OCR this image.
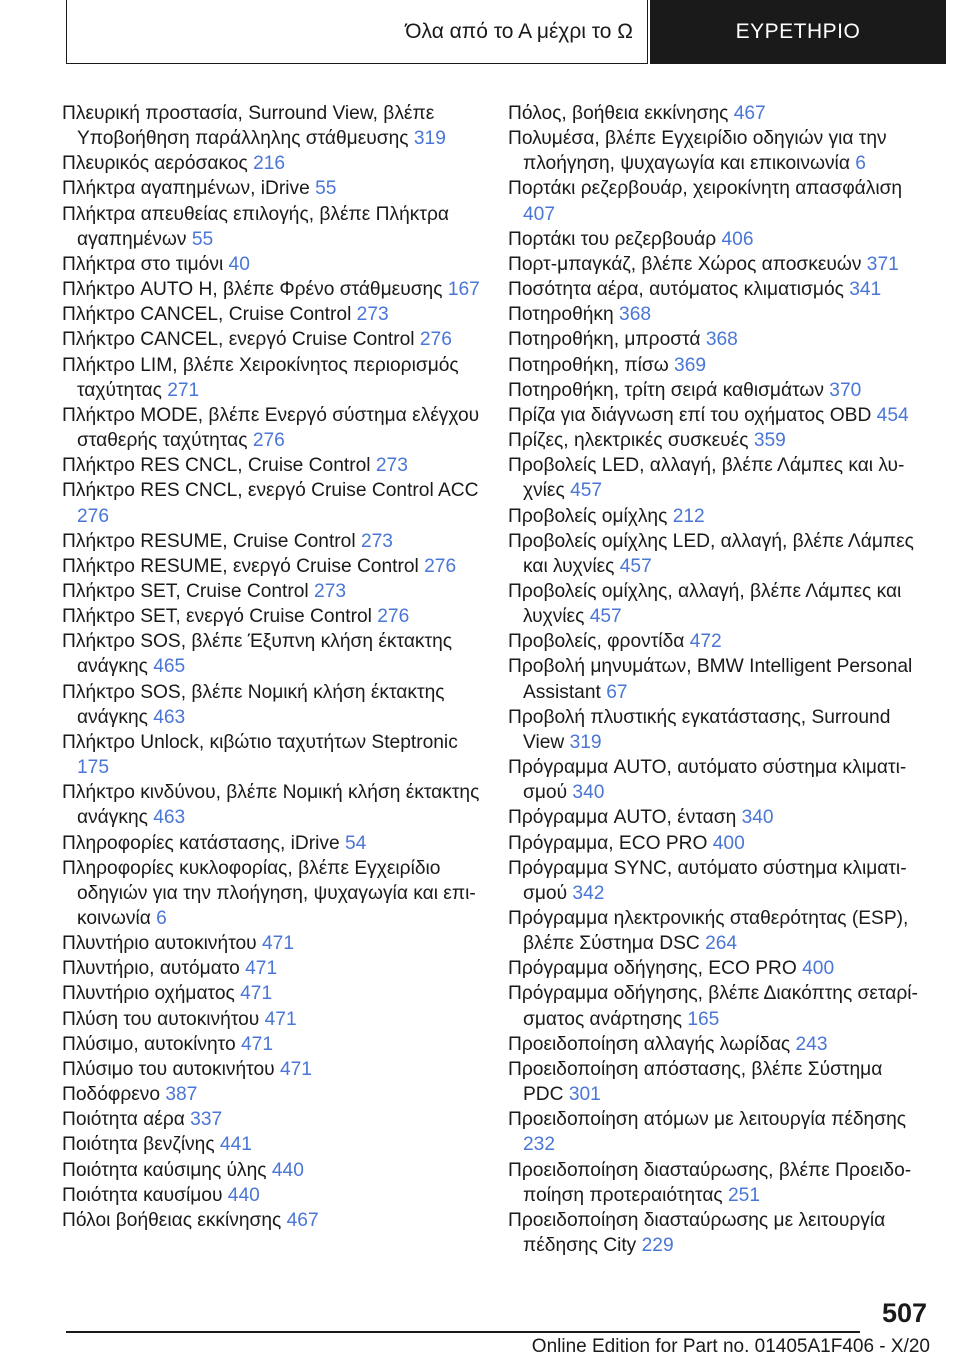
Όλα από το Α μέχρι το Ω	ΕΥΡΕΤΗΡΙΟ

Πλευρική προστασία, Surround View, βλέπε Υποβοήθηση παράλληλης στάθμευσης 319

Πλευρικός αερόσακος 216

Πλήκτρα αγαπημένων, iDrive 55

Πλήκτρα απευθείας επιλογής, βλέπε Πλήκτρα αγαπημένων 55

Πλήκτρα στο τιμόνι 40

Πλήκτρο AUTO H, βλέπε Φρένο στάθμευσης 167

Πλήκτρο CANCEL, Cruise Control 273

Πλήκτρο CANCEL, ενεργό Cruise Control 276

Πλήκτρο LIM, βλέπε Χειροκίνητος περιορισμός ταχύτητας 271

Πλήκτρο MODE, βλέπε Ενεργό σύστημα ελέγχου σταθερής ταχύτητας 276

Πλήκτρο RES CNCL, Cruise Control 273

Πλήκτρο RES CNCL, ενεργό Cruise Control ACC 276

Πλήκτρο RESUME, Cruise Control 273

Πλήκτρο RESUME, ενεργό Cruise Control 276

Πλήκτρο SET, Cruise Control 273

Πλήκτρο SET, ενεργό Cruise Control 276

Πλήκτρο SOS, βλέπε Έξυπνη κλήση έκτακτης ανάγκης 465

Πλήκτρο SOS, βλέπε Νομική κλήση έκτακτης ανάγκης 463

Πλήκτρο Unlock, κιβώτιο ταχυτήτων Steptronic 175

Πλήκτρο κινδύνου, βλέπε Νομική κλήση έκτακτης ανάγκης 463

Πληροφορίες κατάστασης, iDrive 54

Πληροφορίες κυκλοφορίας, βλέπε Εγχειρίδιο οδηγιών για την πλοήγηση, ψυχαγωγία και επικοινωνία 6

Πλυντήριο αυτοκινήτου 471

Πλυντήριο, αυτόματο 471

Πλυντήριο οχήματος 471

Πλύση του αυτοκινήτου 471

Πλύσιμο, αυτοκίνητο 471

Πλύσιμο του αυτοκινήτου 471

Ποδόφρενο 387

Ποιότητα αέρα 337

Ποιότητα βενζίνης 441

Ποιότητα καύσιμης ύλης 440

Ποιότητα καυσίμου 440

Πόλοι βοήθειας εκκίνησης 467

Πόλος, βοήθεια εκκίνησης 467

Πολυμέσα, βλέπε Εγχειρίδιο οδηγιών για την πλοήγηση, ψυχαγωγία και επικοινωνία 6

Πορτάκι ρεζερβουάρ, χειροκίνητη απασφάλιση 407

Πορτάκι του ρεζερβουάρ 406

Πορτ-μπαγκάζ, βλέπε Χώρος αποσκευών 371

Ποσότητα αέρα, αυτόματος κλιματισμός 341

Ποτηροθήκη 368

Ποτηροθήκη, μπροστά 368

Ποτηροθήκη, πίσω 369

Ποτηροθήκη, τρίτη σειρά καθισμάτων 370

Πρίζα για διάγνωση επί του οχήματος OBD 454

Πρίζες, ηλεκτρικές συσκευές 359

Προβολείς LED, αλλαγή, βλέπε Λάμπες και λυχνίες 457

Προβολείς ομίχλης 212

Προβολείς ομίχλης LED, αλλαγή, βλέπε Λάμπες και λυχνίες 457

Προβολείς ομίχλης, αλλαγή, βλέπε Λάμπες και λυχνίες 457

Προβολείς, φροντίδα 472

Προβολή μηνυμάτων, BMW Intelligent Personal Assistant 67

Προβολή πλυστικής εγκατάστασης, Surround View 319

Πρόγραμμα AUTO, αυτόματο σύστημα κλιματισμού 340

Πρόγραμμα AUTO, ένταση 340

Πρόγραμμα, ECO PRO 400

Πρόγραμμα SYNC, αυτόματο σύστημα κλιματισμού 342

Πρόγραμμα ηλεκτρονικής σταθερότητας (ESP), βλέπε Σύστημα DSC 264

Πρόγραμμα οδήγησης, ECO PRO 400

Πρόγραμμα οδήγησης, βλέπε Διακόπτης σεταρίσματος ανάρτησης 165

Προειδοποίηση αλλαγής λωρίδας 243

Προειδοποίηση απόστασης, βλέπε Σύστημα PDC 301

Προειδοποίηση ατόμων με λειτουργία πέδησης 232

Προειδοποίηση διασταύρωσης, βλέπε Προειδοποίηση προτεραιότητας 251

Προειδοποίηση διασταύρωσης με λειτουργία πέδησης City 229

507
Online Edition for Part no. 01405A1F406 - X/20
